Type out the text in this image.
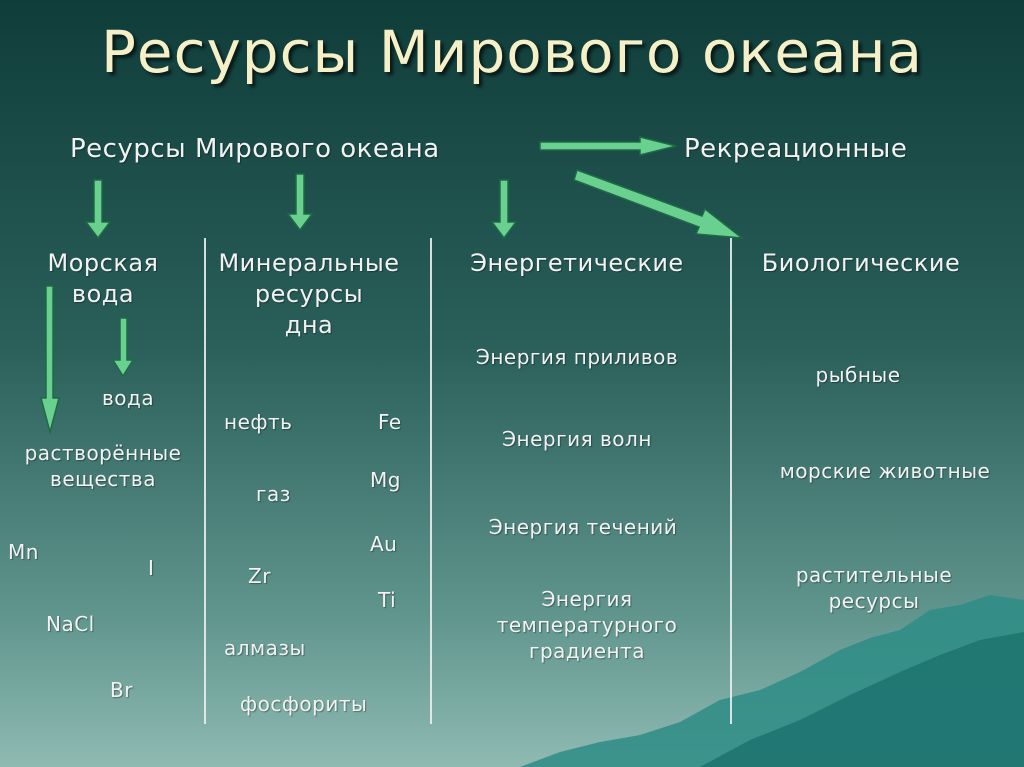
Ресурсы Мирового океана
Ресурсы Мирового океана	Рекреационные
Морская
вода
вода
растворённые
вещества
Mn
I
NaCl
Br
Минеральные
ресурсы
дна
нефть	Fe
Mg
газ
Au
Zr
Ti
алмазы
фосфориты
Энергетические
Энергия приливов
Энергия волн
Энергия течений
Энергия
температурного
градиента
Биологические
рыбные
морские животные
растительные
ресурсы
